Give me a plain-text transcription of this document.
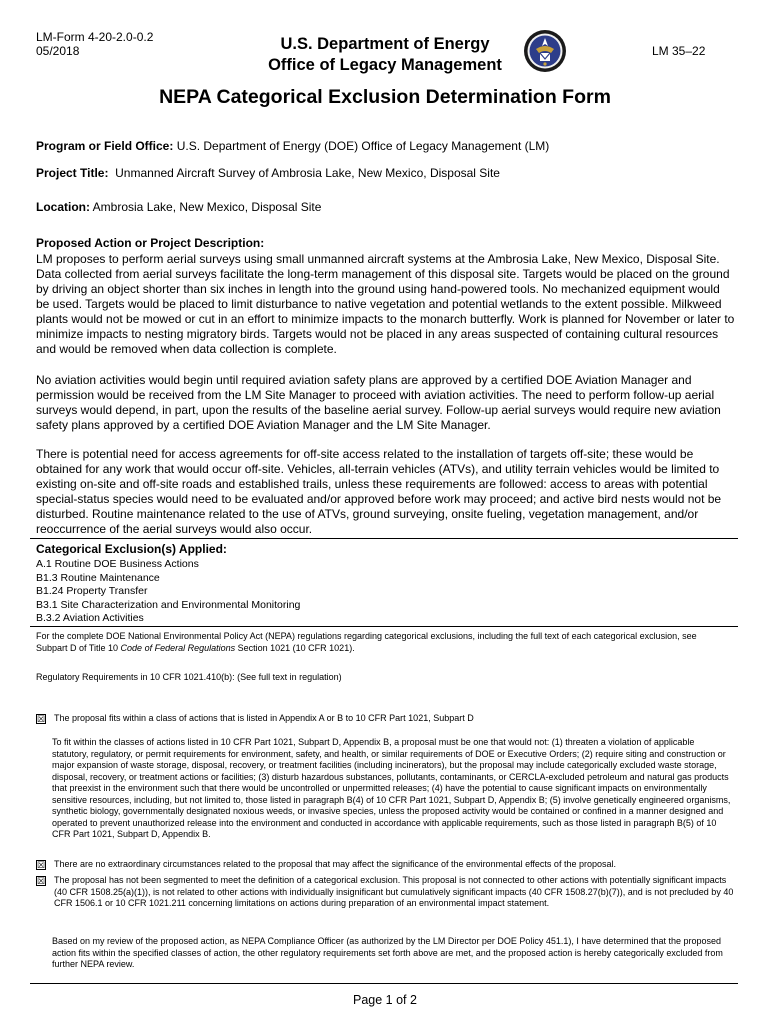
LM-Form 4-20-2.0-0.2
05/2018	U.S. Department of Energy
Office of Legacy Management
LM 35–22
NEPA Categorical Exclusion Determination Form
Program or Field Office: U.S. Department of Energy (DOE) Office of Legacy Management (LM)
Project Title: Unmanned Aircraft Survey of Ambrosia Lake, New Mexico, Disposal Site
Location: Ambrosia Lake, New Mexico, Disposal Site
Proposed Action or Project Description:
LM proposes to perform aerial surveys using small unmanned aircraft systems at the Ambrosia Lake, New Mexico, Disposal Site. Data collected from aerial surveys facilitate the long-term management of this disposal site. Targets would be placed on the ground by driving an object shorter than six inches in length into the ground using hand-powered tools. No mechanized equipment would be used. Targets would be placed to limit disturbance to native vegetation and potential wetlands to the extent possible. Milkweed plants would not be mowed or cut in an effort to minimize impacts to the monarch butterfly. Work is planned for November or later to minimize impacts to nesting migratory birds. Targets would not be placed in any areas suspected of containing cultural resources and would be removed when data collection is complete.
No aviation activities would begin until required aviation safety plans are approved by a certified DOE Aviation Manager and permission would be received from the LM Site Manager to proceed with aviation activities. The need to perform follow-up aerial surveys would depend, in part, upon the results of the baseline aerial survey. Follow-up aerial surveys would require new aviation safety plans approved by a certified DOE Aviation Manager and the LM Site Manager.
There is potential need for access agreements for off-site access related to the installation of targets off-site; these would be obtained for any work that would occur off-site. Vehicles, all-terrain vehicles (ATVs), and utility terrain vehicles would be limited to existing on-site and off-site roads and established trails, unless these requirements are followed: access to areas with potential special-status species would need to be evaluated and/or approved before work may proceed; and active bird nests would not be disturbed. Routine maintenance related to the use of ATVs, ground surveying, onsite fueling, vegetation management, and/or reoccurrence of the aerial surveys would also occur.
Categorical Exclusion(s) Applied:
A.1 Routine DOE Business Actions
B1.3 Routine Maintenance
B1.24 Property Transfer
B3.1 Site Characterization and Environmental Monitoring
B.3.2 Aviation Activities
For the complete DOE National Environmental Policy Act (NEPA) regulations regarding categorical exclusions, including the full text of each categorical exclusion, see Subpart D of Title 10 Code of Federal Regulations Section 1021 (10 CFR 1021).
Regulatory Requirements in 10 CFR 1021.410(b): (See full text in regulation)
☒ The proposal fits within a class of actions that is listed in Appendix A or B to 10 CFR Part 1021, Subpart D
To fit within the classes of actions listed in 10 CFR Part 1021, Subpart D, Appendix B, a proposal must be one that would not: (1) threaten a violation of applicable statutory, regulatory, or permit requirements for environment, safety, and health, or similar requirements of DOE or Executive Orders; (2) require siting and construction or major expansion of waste storage, disposal, recovery, or treatment facilities (including incinerators), but the proposal may include categorically excluded waste storage, disposal, recovery, or treatment actions or facilities; (3) disturb hazardous substances, pollutants, contaminants, or CERCLA-excluded petroleum and natural gas products that preexist in the environment such that there would be uncontrolled or unpermitted releases; (4) have the potential to cause significant impacts on environmentally sensitive resources, including, but not limited to, those listed in paragraph B(4) of 10 CFR Part 1021, Subpart D, Appendix B; (5) involve genetically engineered organisms, synthetic biology, governmentally designated noxious weeds, or invasive species, unless the proposed activity would be contained or confined in a manner designed and operated to prevent unauthorized release into the environment and conducted in accordance with applicable requirements, such as those listed in paragraph B(5) of 10 CFR Part 1021, Subpart D, Appendix B.
☒ There are no extraordinary circumstances related to the proposal that may affect the significance of the environmental effects of the proposal.
☒ The proposal has not been segmented to meet the definition of a categorical exclusion. This proposal is not connected to other actions with potentially significant impacts (40 CFR 1508.25(a)(1)), is not related to other actions with individually insignificant but cumulatively significant impacts (40 CFR 1508.27(b)(7)), and is not precluded by 40 CFR 1506.1 or 10 CFR 1021.211 concerning limitations on actions during preparation of an environmental impact statement.
Based on my review of the proposed action, as NEPA Compliance Officer (as authorized by the LM Director per DOE Policy 451.1), I have determined that the proposed action fits within the specified classes of action, the other regulatory requirements set forth above are met, and the proposed action is hereby categorically excluded from further NEPA review.
Page 1 of 2
